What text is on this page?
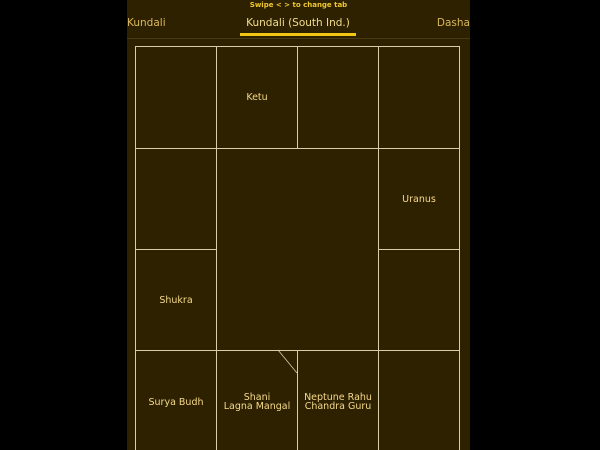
Swipe < > to change tab
Kundali	Kundali (South Ind.)	Dasha
Ketu
Uranus
Shukra
Surya Budh	Shani
Lagna Mangal
Neptune Rahu
Chandra Guru
